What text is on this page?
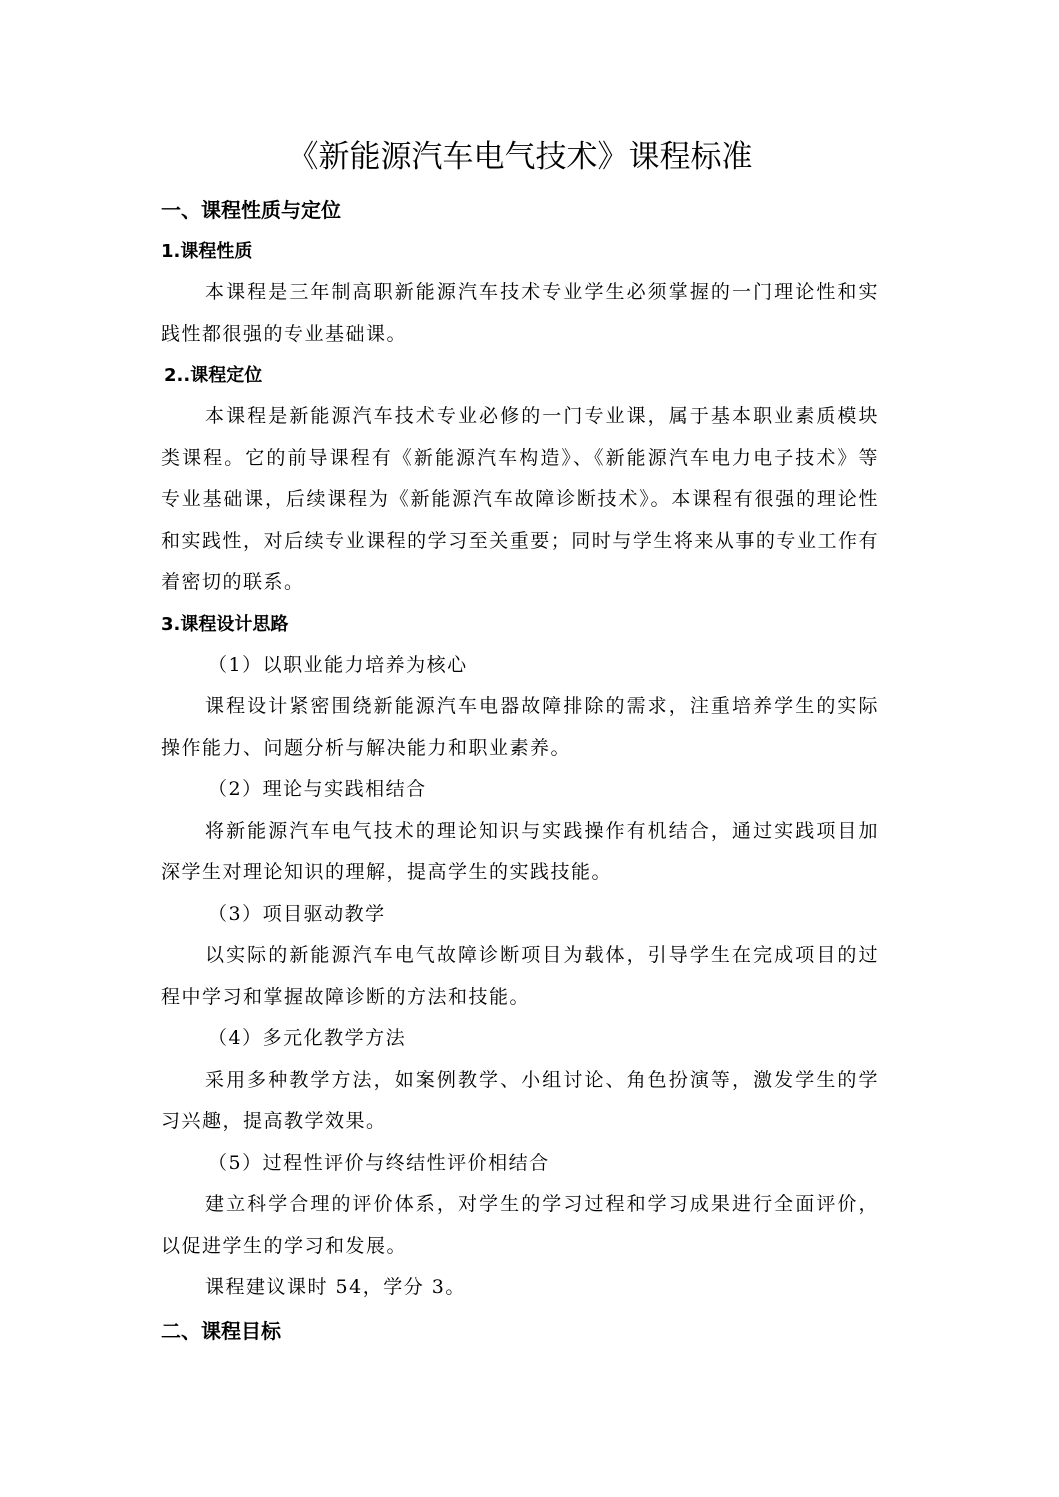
《新能源汽车电气技术》课程标准
一、课程性质与定位
1.课程性质

本课程是三年制高职新能源汽车技术专业学生必须掌握的一门理论性和实践性都很强的专业基础课。

2..课程定位

本课程是新能源汽车技术专业必修的一门专业课，属于基本职业素质模块类课程。它的前导课程有《新能源汽车构造》、《新能源汽车电力电子技术》等专业基础课，后续课程为《新能源汽车故障诊断技术》。本课程有很强的理论性和实践性，对后续专业课程的学习至关重要；同时与学生将来从事的专业工作有着密切的联系。

3.课程设计思路
（1）以职业能力培养为核心

课程设计紧密围绕新能源汽车电器故障排除的需求，注重培养学生的实际操作能力、问题分析与解决能力和职业素养。

（2）理论与实践相结合

将新能源汽车电气技术的理论知识与实践操作有机结合，通过实践项目加深学生对理论知识的理解，提高学生的实践技能。

（3）项目驱动教学

以实际的新能源汽车电气故障诊断项目为载体，引导学生在完成项目的过程中学习和掌握故障诊断的方法和技能。

（4）多元化教学方法

采用多种教学方法，如案例教学、小组讨论、角色扮演等，激发学生的学习兴趣，提高教学效果。

（5）过程性评价与终结性评价相结合

建立科学合理的评价体系，对学生的学习过程和学习成果进行全面评价，以促进学生的学习和发展。

课程建议课时 54，学分 3。

二、课程目标
